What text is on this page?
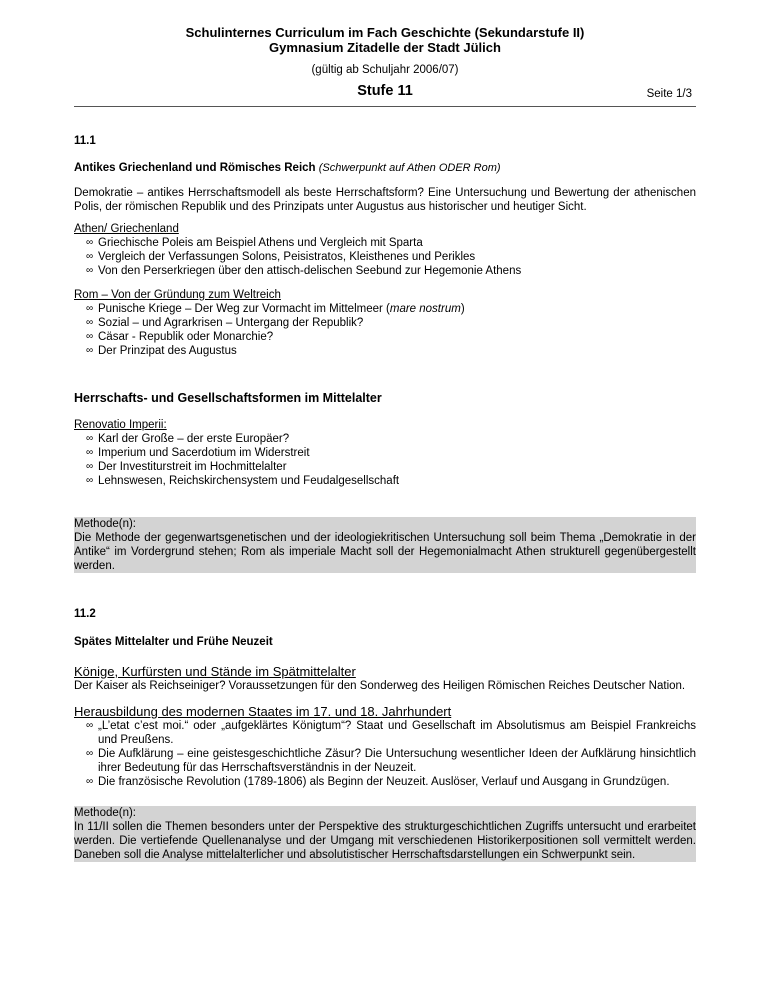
Schulinternes Curriculum im Fach Geschichte (Sekundarstufe II)
Gymnasium Zitadelle der Stadt Jülich
(gültig ab Schuljahr 2006/07)
Stufe 11	Seite 1/3
11.1
Antikes Griechenland und Römisches Reich (Schwerpunkt auf Athen ODER Rom)
Demokratie – antikes Herrschaftsmodell als beste Herrschaftsform? Eine Untersuchung und Bewertung der athenischen Polis, der römischen Republik und des Prinzipats unter Augustus aus historischer und heutiger Sicht.
Athen/ Griechenland
∞ Griechische Poleis am Beispiel Athens und Vergleich mit Sparta
∞ Vergleich der Verfassungen Solons, Peisistratos, Kleisthenes und Perikles
∞ Von den Perserkriegen über den attisch-delischen Seebund zur Hegemonie Athens
Rom – Von der Gründung zum Weltreich
∞ Punische Kriege – Der Weg zur Vormacht im Mittelmeer (mare nostrum)
∞ Sozial – und Agrarkrisen – Untergang der Republik?
∞ Cäsar - Republik oder Monarchie?
∞ Der Prinzipat des Augustus
Herrschafts- und Gesellschaftsformen im Mittelalter
Renovatio Imperii:
∞ Karl der Große – der erste Europäer?
∞ Imperium und Sacerdotium im Widerstreit
∞ Der Investiturstreit im Hochmittelalter
∞ Lehnswesen, Reichskirchensystem und Feudalgesellschaft
Methode(n):
Die Methode der gegenwartsgenetischen und der ideologiekritischen Untersuchung soll beim Thema „Demokratie in der Antike“ im Vordergrund stehen; Rom als imperiale Macht soll der Hegemonialmacht Athen strukturell gegenübergestellt werden.
11.2
Spätes Mittelalter und Frühe Neuzeit
Könige, Kurfürsten und Stände im Spätmittelalter
Der Kaiser als Reichseiniger? Voraussetzungen für den Sonderweg des Heiligen Römischen Reiches Deutscher Nation.
Herausbildung des modernen Staates im 17. und 18. Jahrhundert
∞ „L’etat c’est moi.“ oder „aufgeklärtes Königtum“? Staat und Gesellschaft im Absolutismus am Beispiel Frankreichs und Preußens.
∞ Die Aufklärung – eine geistesgeschichtliche Zäsur? Die Untersuchung wesentlicher Ideen der Aufklärung hinsichtlich ihrer Bedeutung für das Herrschaftsverständnis in der Neuzeit.
∞ Die französische Revolution (1789-1806) als Beginn der Neuzeit. Auslöser, Verlauf und Ausgang in Grundzügen.
Methode(n):
In 11/II sollen die Themen besonders unter der Perspektive des strukturgeschichtlichen Zugriffs untersucht und erarbeitet werden. Die vertiefende Quellenanalyse und der Umgang mit verschiedenen Historikerpositionen soll vermittelt werden. Daneben soll die Analyse mittelalterlicher und absolutistischer Herrschaftsdarstellungen ein Schwerpunkt sein.
